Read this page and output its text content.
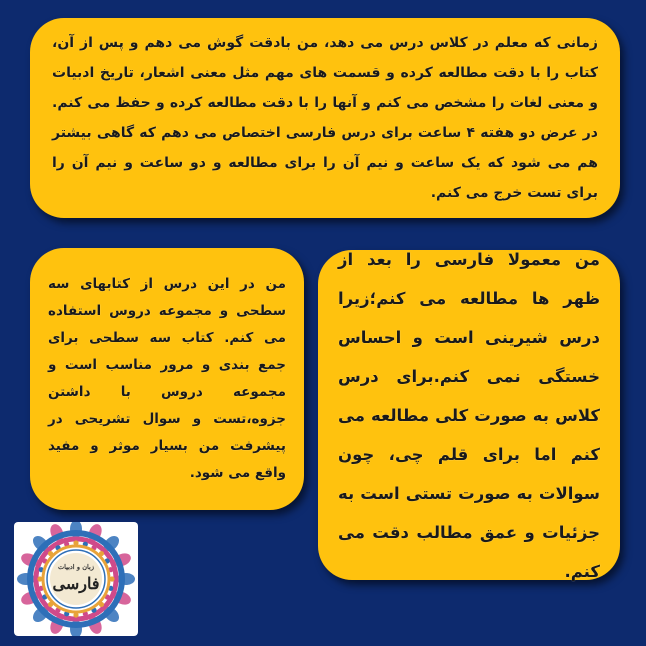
زمانی که معلم در کلاس درس می دهد، من بادقت گوش می دهم و پس از آن، کتاب را با دقت مطالعه کرده و قسمت های مهم مثل معنی اشعار، تاریخ ادبیات و معنی لغات را مشخص می کنم و آنها را با دقت مطالعه کرده و حفظ می کنم. در عرض دو هفته ۴ ساعت برای درس فارسی اختصاص می دهم که گاهی بیشتر هم می شود که یک ساعت و نیم آن را برای مطالعه و دو ساعت و نیم آن را برای تست خرج می کنم.

من در این درس از کتابهای سه سطحی و مجموعه دروس استفاده می کنم. کتاب سه سطحی برای جمع بندی و مرور مناسب است و مجموعه دروس با داشتن جزوه،تست و سوال تشریحی در پیشرفت من بسیار موثر و مفید واقع می شود.

من معمولا فارسی را بعد از ظهر ها مطالعه می کنم؛زیرا درس شیرینی است و احساس خستگی نمی کنم.برای درس کلاس به صورت کلی مطالعه می کنم اما برای قلم چی، چون سوالات به صورت تستی است به جزئیات و عمق مطالب دقت می کنم.

زبان و ادبیات
فارسی
